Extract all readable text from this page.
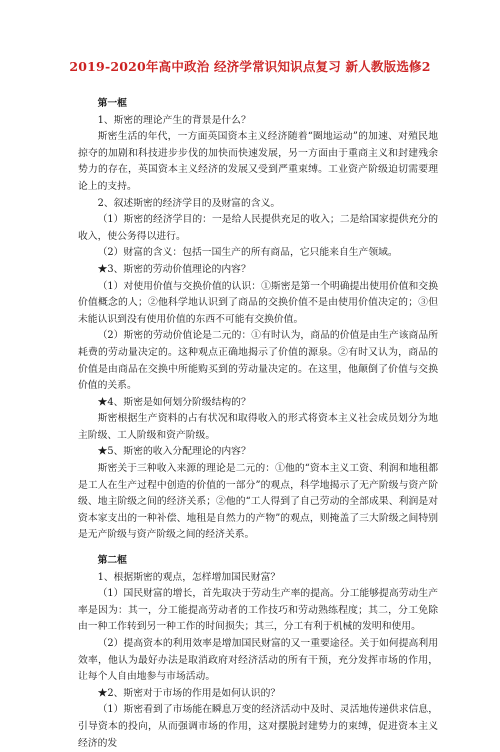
2019-2020年高中政治 经济学常识知识点复习 新人教版选修2

第一框

1、斯密的理论产生的背景是什么？

斯密生活的年代，一方面英国资本主义经济随着“圈地运动”的加速、对殖民地掠夺的加剧和科技进步步伐的加快而快速发展，另一方面由于重商主义和封建残余势力的存在，英国资本主义经济的发展又受到严重束缚。工业资产阶级迫切需要理论上的支持。

2、叙述斯密的经济学目的及财富的含义。

（1）斯密的经济学目的：一是给人民提供充足的收入；二是给国家提供充分的收入，使公务得以进行。

（2）财富的含义：包括一国生产的所有商品，它只能来自生产领域。

★3、斯密的劳动价值理论的内容？

（1）对使用价值与交换价值的认识：①斯密是第一个明确提出使用价值和交换价值概念的人；②他科学地认识到了商品的交换价值不是由使用价值决定的；③但未能认识到没有使用价值的东西不可能有交换价值。

（2）斯密的劳动价值论是二元的：①有时认为，商品的价值是由生产该商品所耗费的劳动量决定的。这种观点正确地揭示了价值的源泉。②有时又认为，商品的价值是由商品在交换中所能购买到的劳动量决定的。在这里，他颠倒了价值与交换价值的关系。

★4、斯密是如何划分阶级结构的？

斯密根据生产资料的占有状况和取得收入的形式将资本主义社会成员划分为地主阶级、工人阶级和资产阶级。

★5、斯密的收入分配理论的内容？

斯密关于三种收入来源的理论是二元的：①他的“资本主义工资、利润和地租都是工人在生产过程中创造的价值的一部分”的观点，科学地揭示了无产阶级与资产阶级、地主阶级之间的经济关系；②他的“工人得到了自己劳动的全部成果、利润是对资本家支出的一种补偿、地租是自然力的产物”的观点，则掩盖了三大阶级之间特别是无产阶级与资产阶级之间的经济关系。

第二框

1、根据斯密的观点，怎样增加国民财富？

（1）国民财富的增长，首先取决于劳动生产率的提高。分工能够提高劳动生产率是因为：其一，分工能提高劳动者的工作技巧和劳动熟练程度；其二，分工免除由一种工作转到另一种工作的时间损失；其三，分工有利于机械的发明和使用。

（2）提高资本的利用效率是增加国民财富的又一重要途径。关于如何提高利用效率，他认为最好办法是取消政府对经济活动的所有干预，充分发挥市场的作用，让每个人自由地参与市场活动。

★2、斯密对于市场的作用是如何认识的？

（1）斯密看到了市场能在瞬息万变的经济活动中及时、灵活地传递供求信息，引导资本的投向，从而强调市场的作用，这对摆脱封建势力的束缚，促进资本主义经济的发
